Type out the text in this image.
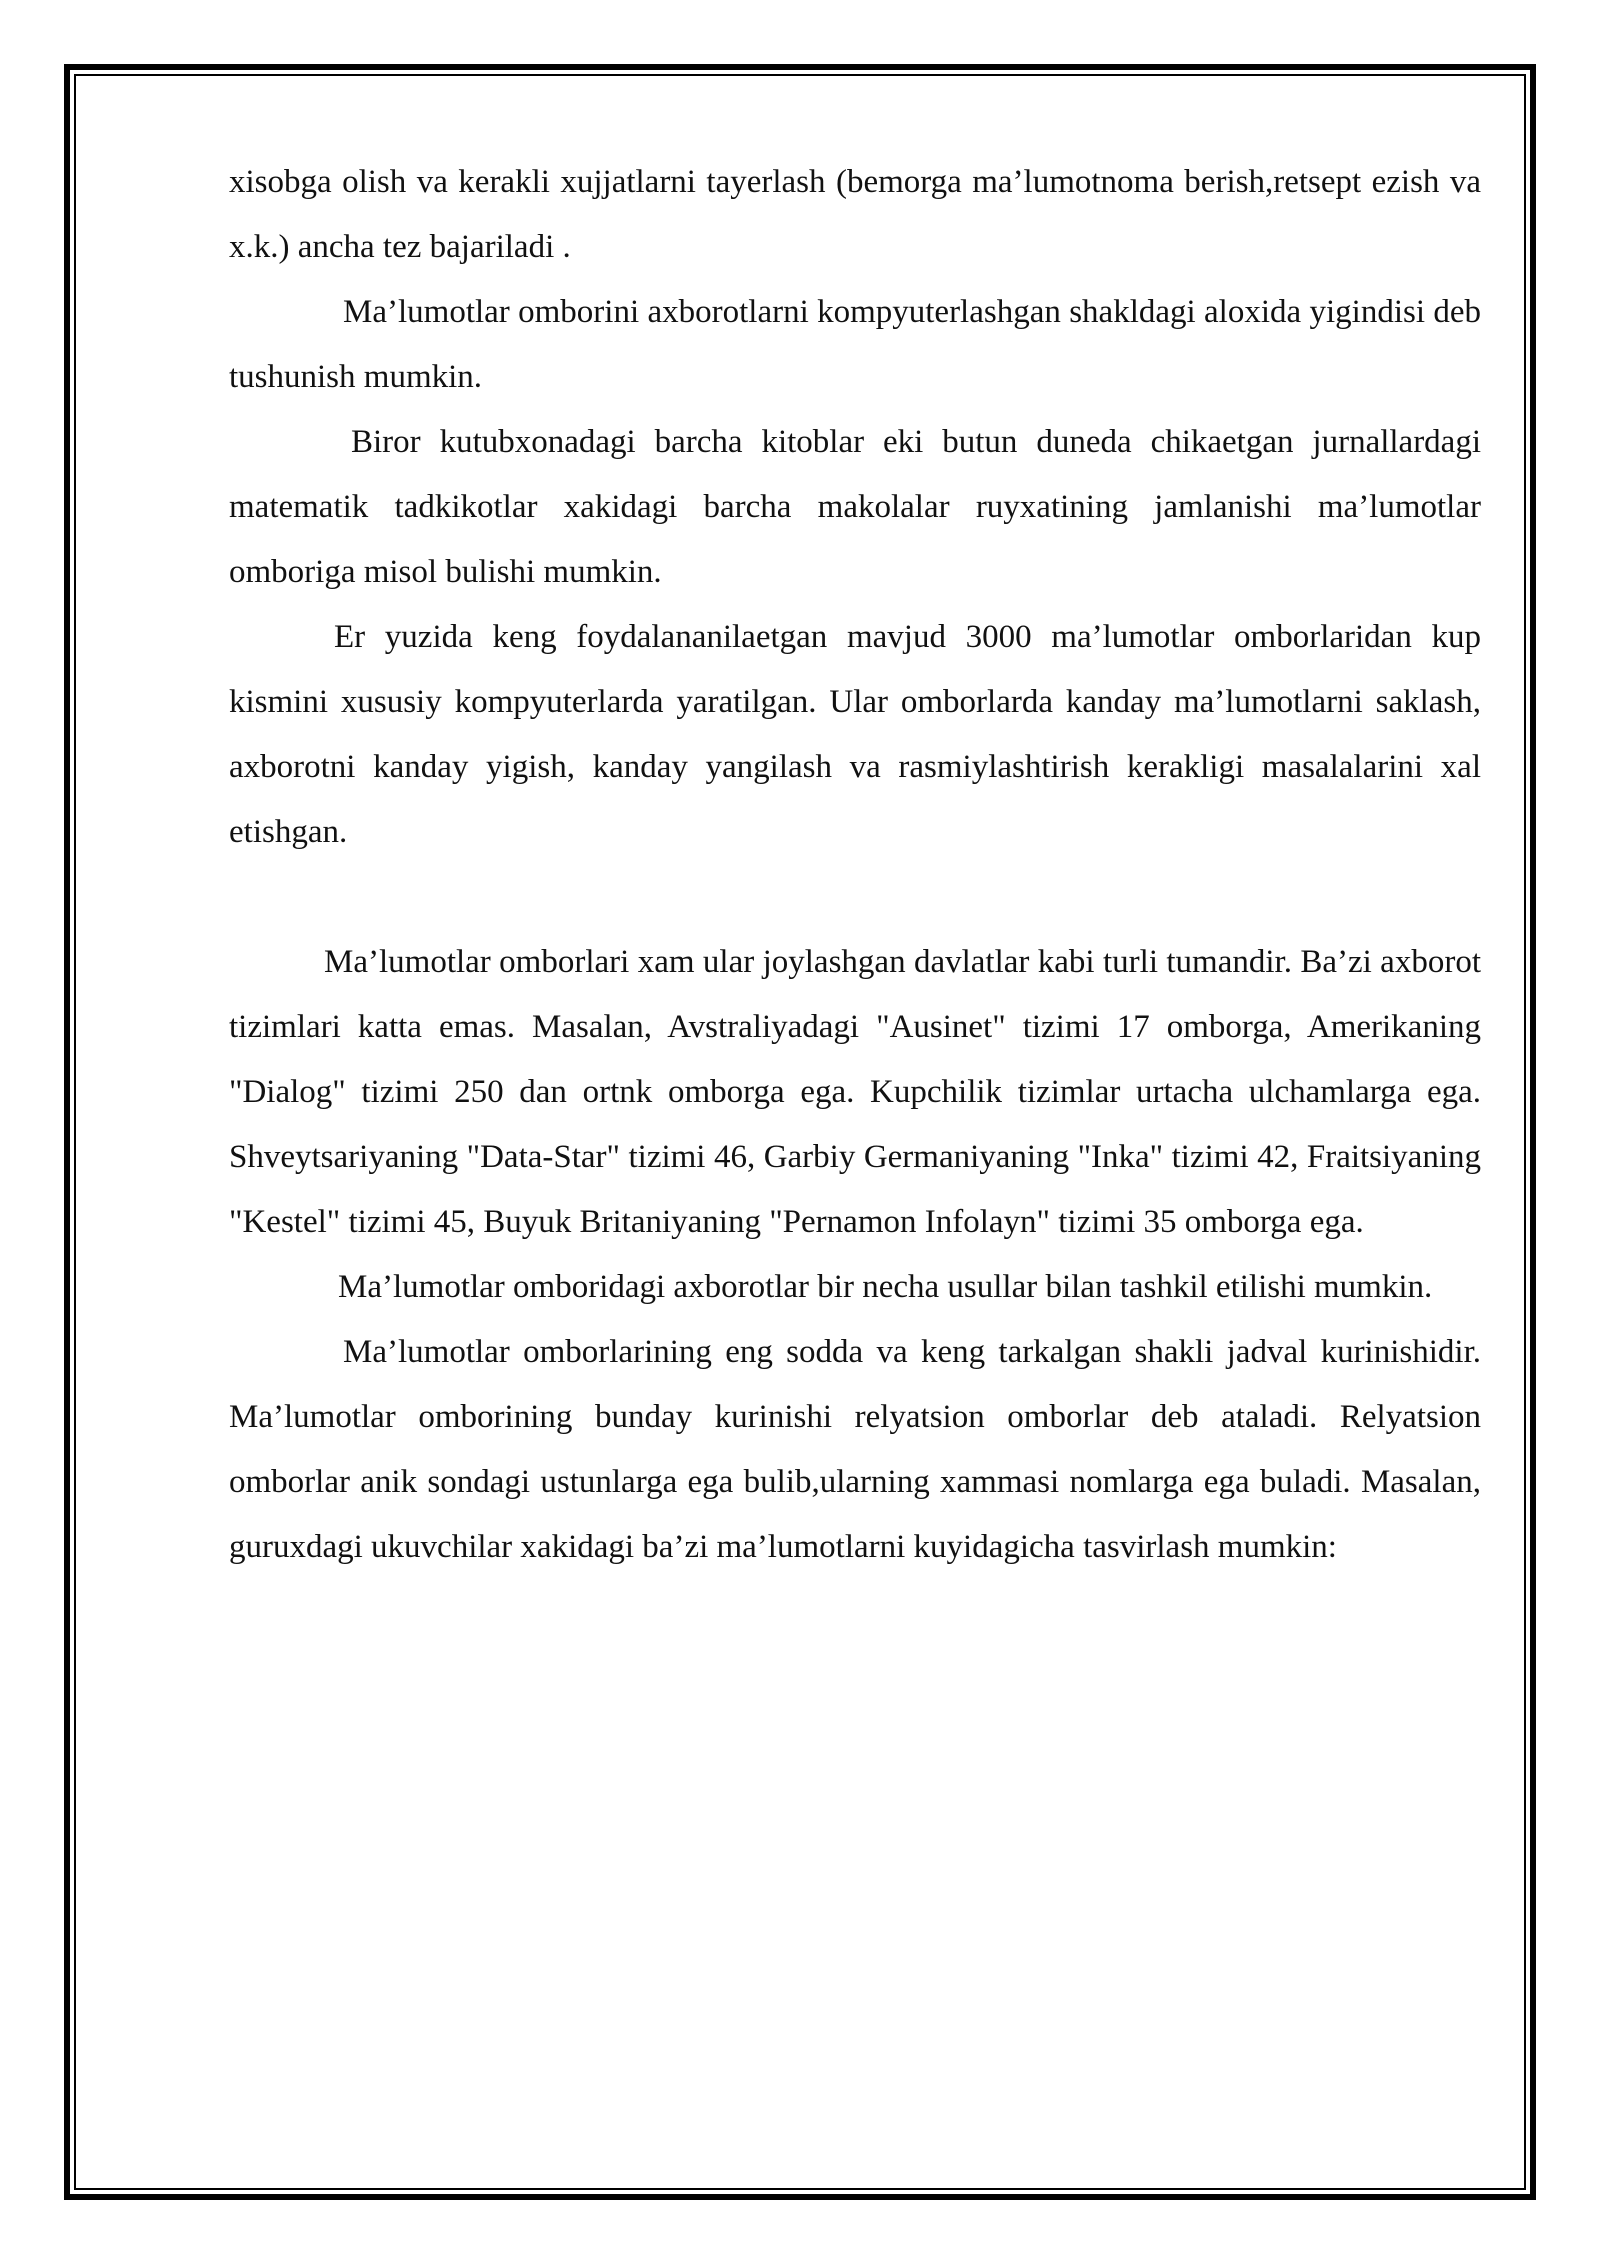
xisobga olish va kerakli xujjatlarni tayerlash (bemorga ma’lumotnoma berish,retsept ezish va x.k.) ancha tez bajariladi .

Ma’lumotlar omborini axborotlarni kompyuterlashgan shakldagi aloxida yigindisi deb tushunish mumkin.

Biror kutubxonadagi barcha kitoblar eki butun duneda chikaetgan jurnallardagi matematik tadkikotlar xakidagi barcha makolalar ruyxatining jamlanishi ma’lumotlar omboriga misol bulishi mumkin.

Er yuzida keng foydalananilaetgan mavjud 3000 ma’lumotlar omborlaridan kup kismini xususiy kompyuterlarda yaratilgan. Ular omborlarda kanday ma’lumotlarni saklash, axborotni kanday yigish, kanday yangilash va rasmiylashtirish kerakligi masalalarini xal etishgan.

Ma’lumotlar omborlari xam ular joylashgan davlatlar kabi turli tumandir. Ba’zi axborot tizimlari katta emas. Masalan, Avstraliyadagi "Ausinet" tizimi 17 omborga, Amerikaning "Dialog" tizimi 250 dan ortnk omborga ega. Kupchilik tizimlar urtacha ulchamlarga ega. Shveytsariyaning "Data-Star" tizimi 46, Garbiy Germaniyaning "Inka" tizimi 42, Fraitsiyaning "Kestel" tizimi 45, Buyuk Britaniyaning "Pernamon Infolayn" tizimi 35 omborga ega.

Ma’lumotlar omboridagi axborotlar bir necha usullar bilan tashkil etilishi mumkin.

Ma’lumotlar omborlarining eng sodda va keng tarkalgan shakli jadval kurinishidir. Ma’lumotlar omborining bunday kurinishi relyatsion omborlar deb ataladi. Relyatsion omborlar anik sondagi ustunlarga ega bulib,ularning xammasi nomlarga ega buladi. Masalan, guruxdagi ukuvchilar xakidagi ba’zi ma’lumotlarni kuyidagicha tasvirlash mumkin:
